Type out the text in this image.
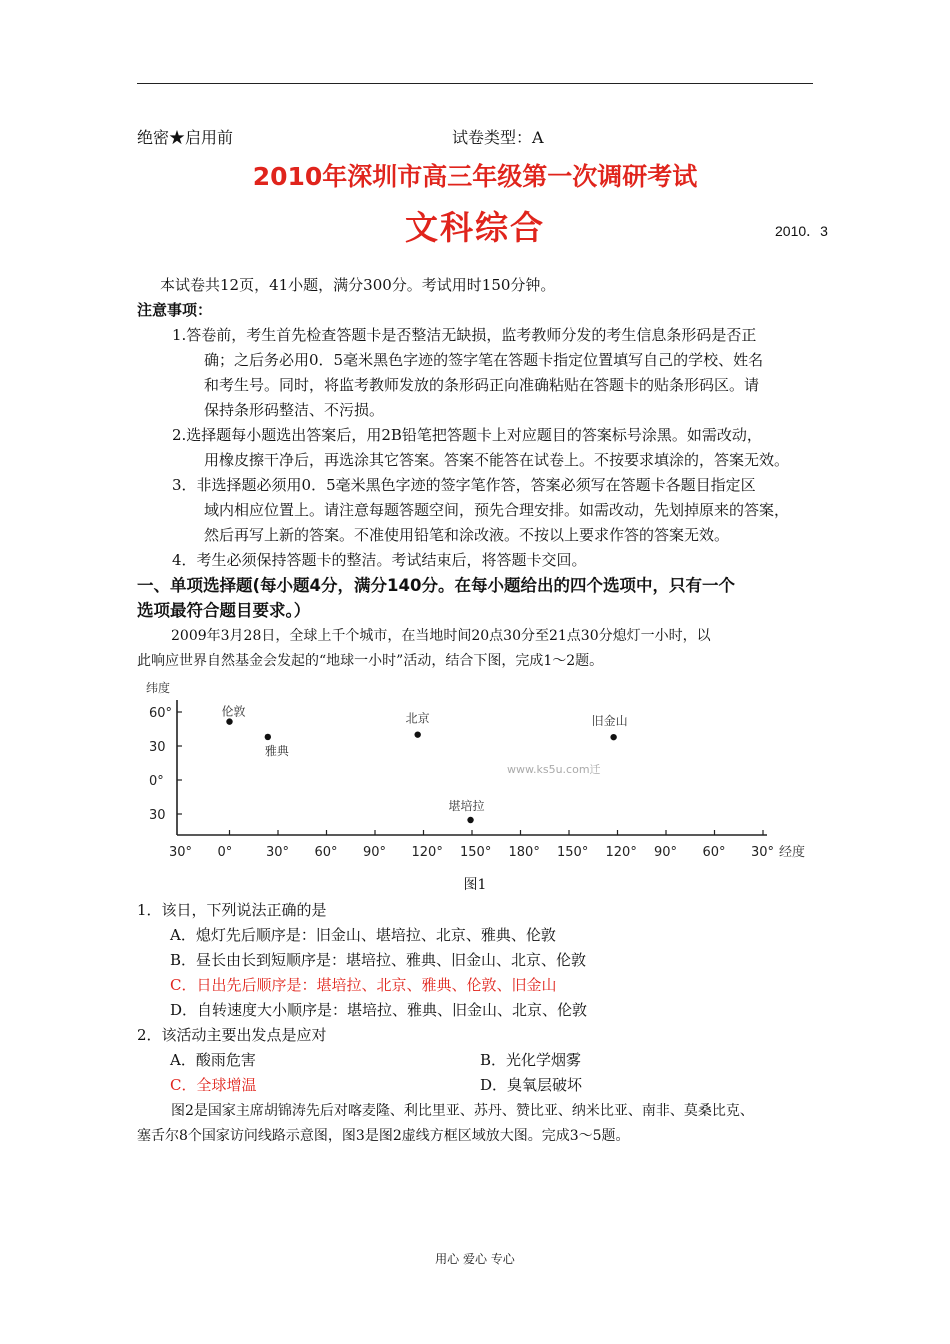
绝密★启用前	试卷类型：A
2010年深圳市高三年级第一次调研考试
文科综合	2010．3
本试卷共12页，41小题，满分300分。考试用时150分钟。
注意事项：
1.答卷前，考生首先检查答题卡是否整洁无缺损，监考教师分发的考生信息条形码是否正
确；之后务必用0．5毫米黑色字迹的签字笔在答题卡指定位置填写自己的学校、姓名
和考生号。同时，将监考教师发放的条形码正向准确粘贴在答题卡的贴条形码区。请
保持条形码整洁、不污损。
2.选择题每小题选出答案后，用2B铅笔把答题卡上对应题目的答案标号涂黑。如需改动，
用橡皮擦干净后，再选涂其它答案。答案不能答在试卷上。不按要求填涂的，答案无效。
3．非选择题必须用0．5毫米黑色字迹的签字笔作答，答案必须写在答题卡各题目指定区
域内相应位置上。请注意每题答题空间，预先合理安排。如需改动，先划掉原来的答案，
然后再写上新的答案。不准使用铅笔和涂改液。不按以上要求作答的答案无效。
4．考生必须保持答题卡的整洁。考试结束后，将答题卡交回。
一、单项选择题(每小题4分，满分140分。在每小题给出的四个选项中，只有一个
选项最符合题目要求。）
2009年3月28日，全球上千个城市，在当地时间20点30分至21点30分熄灯一小时，以
此响应世界自然基金会发起的“地球一小时”活动，结合下图，完成1～2题。
纬度
60°
30
0°
30
30° 0°	30° 60° 90° 120° 150° 180° 150° 120° 90° 60° 30° 经度
伦敦
雅典
北京	旧金山
堪培拉
www.ks5u.com迁
图1
1．该日，下列说法正确的是
A．熄灯先后顺序是：旧金山、堪培拉、北京、雅典、伦敦
B．昼长由长到短顺序是：堪培拉、雅典、旧金山、北京、伦敦
C．日出先后顺序是：堪培拉、北京、雅典、伦敦、旧金山
D．自转速度大小顺序是：堪培拉、雅典、旧金山、北京、伦敦
2．该活动主要出发点是应对
A．酸雨危害	B．光化学烟雾
C．全球增温	D．臭氧层破坏
图2是国家主席胡锦涛先后对喀麦隆、利比里亚、苏丹、赞比亚、纳米比亚、南非、莫桑比克、
塞舌尔8个国家访问线路示意图，图3是图2虚线方框区域放大图。完成3～5题。
用心 爱心 专心
